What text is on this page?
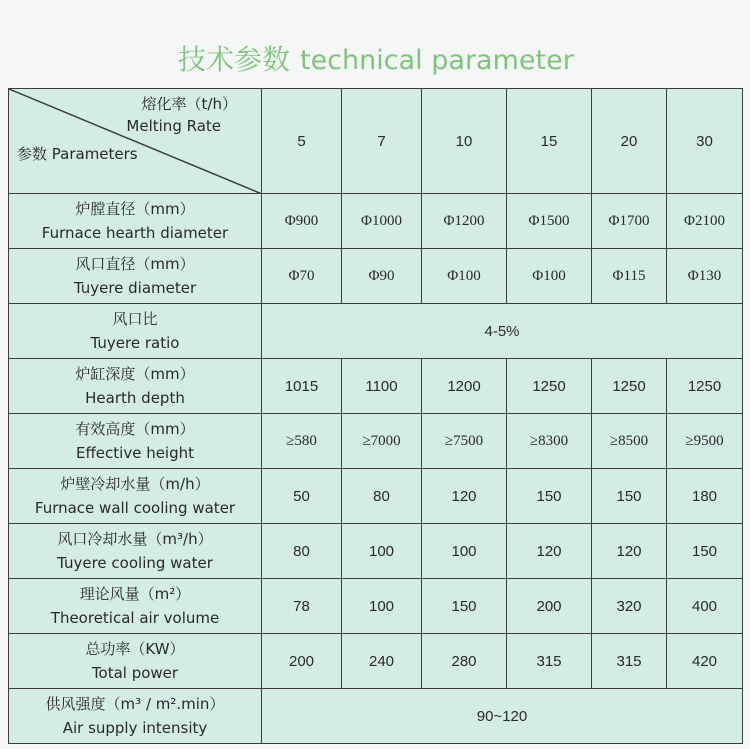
技术参数 technical parameter
熔化率（t/h）
Melting Rate
参数 Parameters	5	7	10	15	20	30

炉膛直径（mm）
Furnace hearth diameter	Φ900	Φ1000	Φ1200	Φ1500	Φ1700	Φ2100

风口直径（mm）
Tuyere diameter	Φ70	Φ90	Φ100	Φ100	Φ115	Φ130

风口比
Tuyere ratio	4-5%					

炉缸深度（mm）
Hearth depth	1015	1100	1200	1250	1250	1250

有效高度（mm）
Effective height	≥580	≥7000	≥7500	≥8300	≥8500	≥9500

炉壁冷却水量（m/h）
Furnace wall cooling water	50	80	120	150	150	180

风口冷却水量（m³/h）
Tuyere cooling water	80	100	100	120	120	150

理论风量（m²）
Theoretical air volume	78	100	150	200	320	400

总功率（KW）
Total power	200	240	280	315	315	420

供风强度（m³ / m².min）
Air supply intensity	90~120					
